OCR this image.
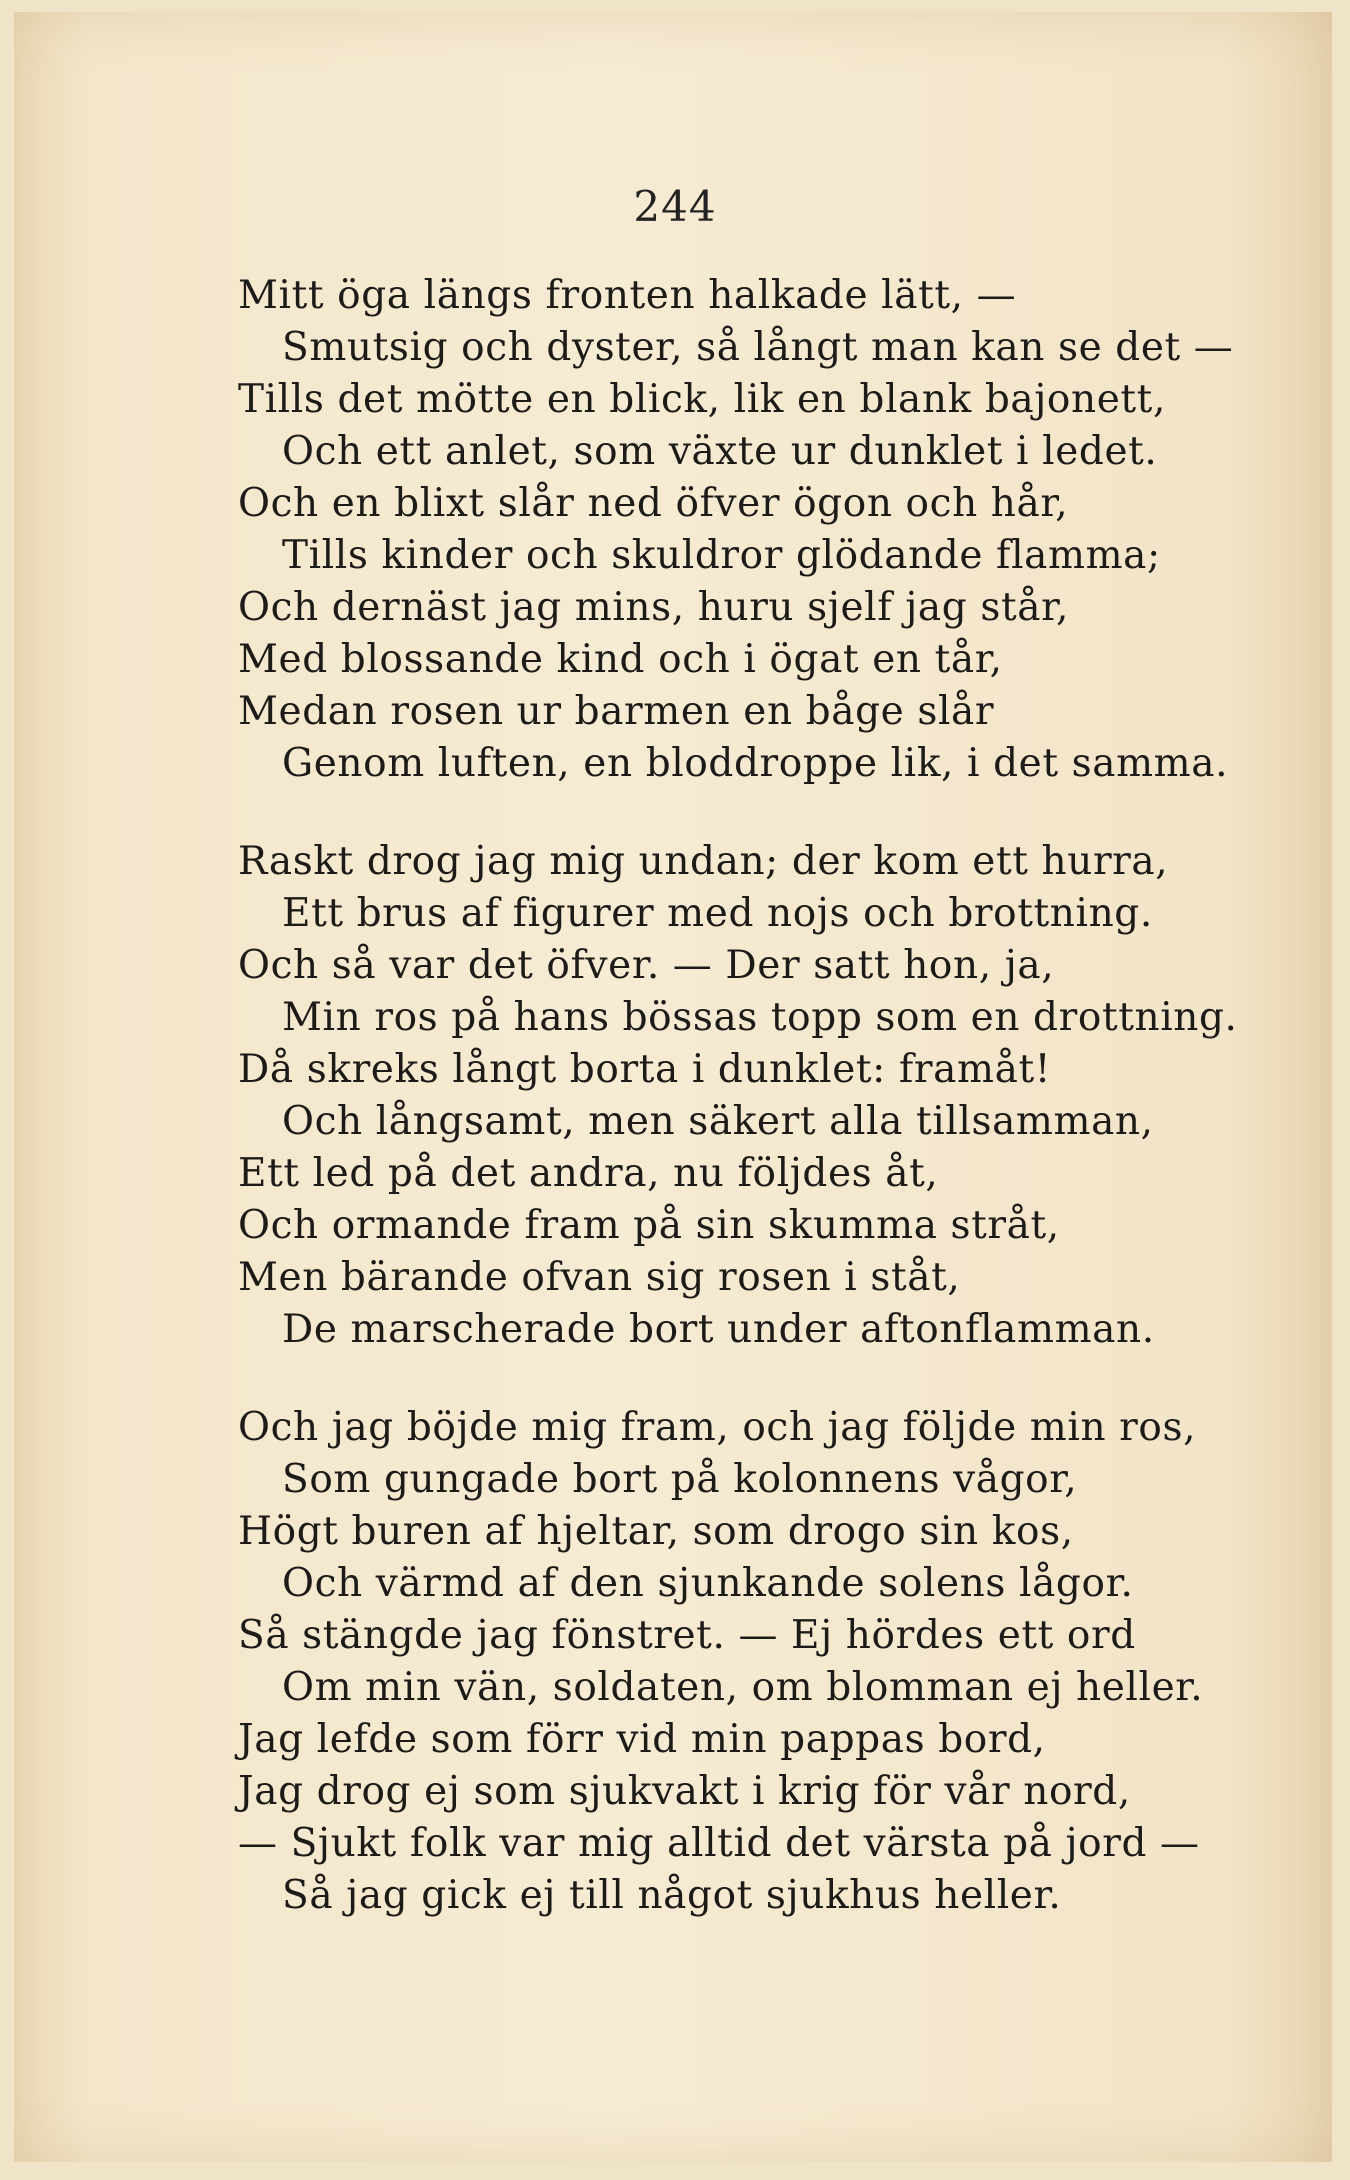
244
Mitt öga längs fronten halkade lätt, —
Smutsig och dyster, så långt man kan se det —
Tills det mötte en blick, lik en blank bajonett,
Och ett anlet, som växte ur dunklet i ledet.
Och en blixt slår ned öfver ögon och hår,
Tills kinder och skuldror glödande flamma;
Och dernäst jag mins, huru sjelf jag står,
Med blossande kind och i ögat en tår,
Medan rosen ur barmen en båge slår
Genom luften, en bloddroppe lik, i det samma.
Raskt drog jag mig undan; der kom ett hurra,
Ett brus af figurer med nojs och brottning.
Och så var det öfver. — Der satt hon, ja,
Min ros på hans bössas topp som en drottning.
Då skreks långt borta i dunklet: framåt!
Och långsamt, men säkert alla tillsamman,
Ett led på det andra, nu följdes åt,
Och ormande fram på sin skumma stråt,
Men bärande ofvan sig rosen i ståt,
De marscherade bort under aftonflamman.
Och jag böjde mig fram, och jag följde min ros,
Som gungade bort på kolonnens vågor,
Högt buren af hjeltar, som drogo sin kos,
Och värmd af den sjunkande solens lågor.
Så stängde jag fönstret. — Ej hördes ett ord
Om min vän, soldaten, om blomman ej heller.
Jag lefde som förr vid min pappas bord,
Jag drog ej som sjukvakt i krig för vår nord,
— Sjukt folk var mig alltid det värsta på jord —
Så jag gick ej till något sjukhus heller.
